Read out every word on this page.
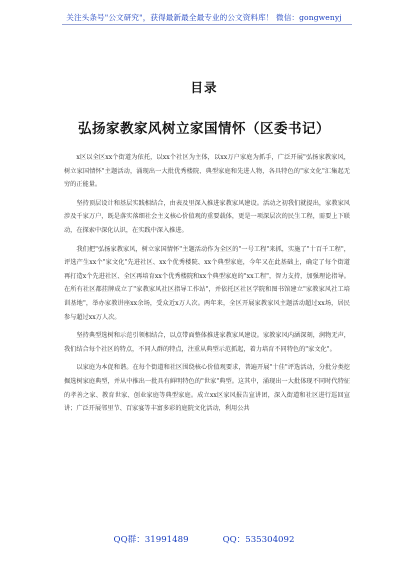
关注头条号"公文研究"，获得最新最全最专业的公文资料库！ 微信：gongwenyj
目录
弘扬家教家风树立家国情怀（区委书记）

x区以全区xx个街道为依托，以xx个社区为主体，以xx万户家庭为抓手，广泛开展"弘扬家教家风，树立家国情怀"主题活动，涌现出一大批优秀楼院、典型家庭和先进人物，各具特色的"家文化"汇集起无穷的正能量。

坚持顶层设计和基层实践相结合，由表及里深入推进家教家风建设。活动之初我们就提出，家教家风涉及千家万户，既是落实落细社会主义核心价值观的重要载体，更是一项深层次的民生工程，需要上下联动，在探索中深化认识，在实践中深入推进。

我们把"弘扬家教家风，树立家国情怀"主题活动作为全区的"一号工程"来抓，实施了"十百千工程"，评选产生xx个"家文化"先进社区、xx个优秀楼院、xx个典型家庭，今年又在此基础上，确定了每个街道再打造x个先进社区、全区再培育xx个优秀楼院和xx个典型家庭的"xx工程"，智力支持，加强理论指导。在所有社区都挂牌成立了"家教家风社区指导工作站"，并依托区社区学院和图书馆建立"家教家风社工培训基地"，举办家教讲座xx余场，受众近x万人次。两年来，全区开展家教家风主题活动超过xx场，居民参与超过xx万人次。

坚持典型选树和示范引领相结合，以点带面整体推进家教家风建设。家教家风内涵深刻，润物无声，我们结合每个社区的特点，不同人群的特点，注重从典型示范抓起，着力培育不同特色的"家文化"。

以家庭为本促和谐。在每个街道和社区围绕核心价值观要求，普遍开展"十佳"评选活动，分批分类挖掘选树家庭典型，并从中推出一批具有鲜明特色的"世家"典型。这其中，涌现出一大批体现不同时代特征的孝善之家、教育世家、创业家庭等典型家庭。成立xx区家风报告宣讲团，深入街道和社区进行巡回宣讲；广泛开展邻里节、百家宴等丰富多彩的庭院文化活动，利用公共

QQ群：31991489	QQ：535304092
